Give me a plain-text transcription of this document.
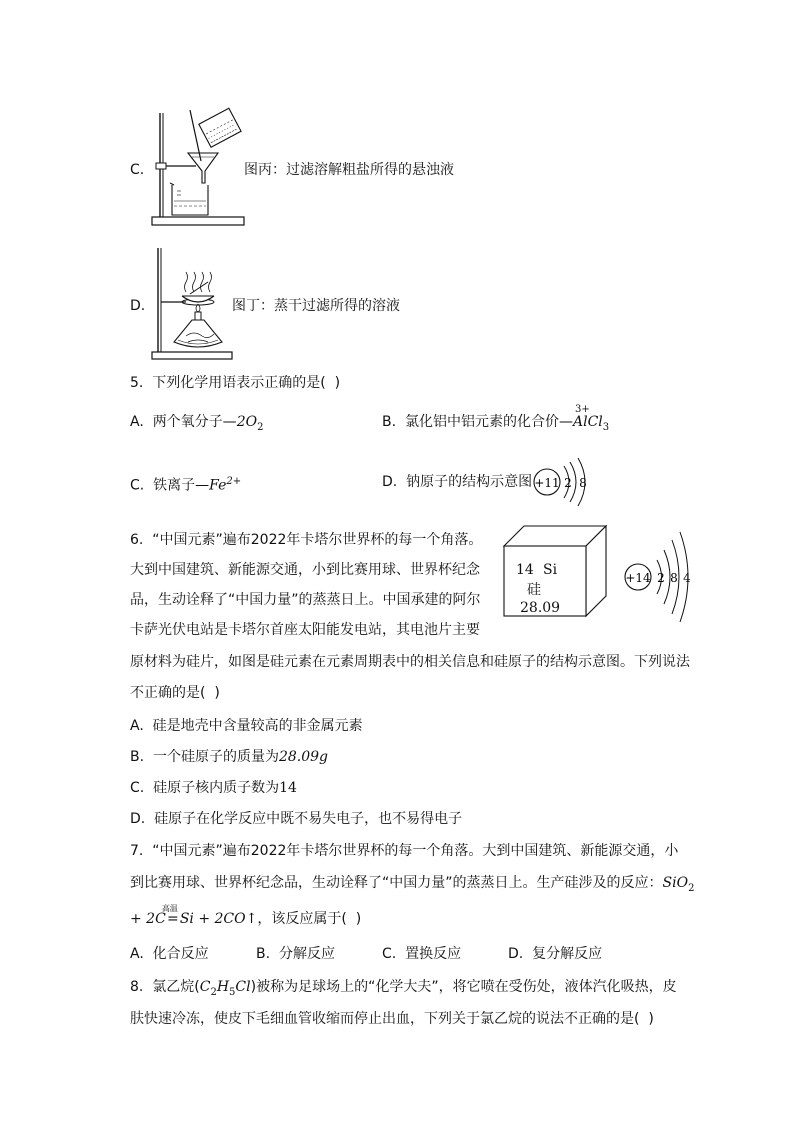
C.	图丙：过滤溶解粗盐所得的悬浊液
D.	图丁：蒸干过滤所得的溶液
5.  下列化学用语表示正确的是(  )
A. 两个氧分子$—2O_2$	B. 氯化铝中铝元素的化合价—
3+
AlCl$_3$
C. 铁离子$—Fe^{2+}$	D. 钠原子的结构示意图 +11 2 8
6.  “中国元素”遍布2022年卡塔尔世界杯的每一个角落。
大到中国建筑、新能源交通，小到比赛用球、世界杯纪念
品，生动诠释了“中国力量”的蒸蒸日上。中国承建的阿尔
卡萨光伏电站是卡塔尔首座太阳能发电站，其电池片主要
原材料为硅片，如图是硅元素在元素周期表中的相关信息和硅原子的结构示意图。下列说法
不正确的是(  )
14 Si
硅
28.09
+14 2 8 4
A.  硅是地壳中含量较高的非金属元素
B.  一个硅原子的质量为28.09g
C.  硅原子核内质子数为14
D.  硅原子在化学反应中既不易失电子，也不易得电子
7.  “中国元素”遍布2022年卡塔尔世界杯的每一个角落。大到中国建筑、新能源交通，小
到比赛用球、世界杯纪念品，生动诠释了“中国力量”的蒸蒸日上。生产硅涉及的反应：SiO$_2$
+ 2C
高温
=Si + 2CO↑，该反应属于(  )
A.  化合反应	B.  分解反应	C.  置换反应	D.  复分解反应
8.  氯乙烷$(C_2H_5Cl)$被称为足球场上的“化学大夫”，将它喷在受伤处，液体汽化吸热，皮
肤快速冷冻，使皮下毛细血管收缩而停止出血，下列关于氯乙烷的说法不正确的是(  )
